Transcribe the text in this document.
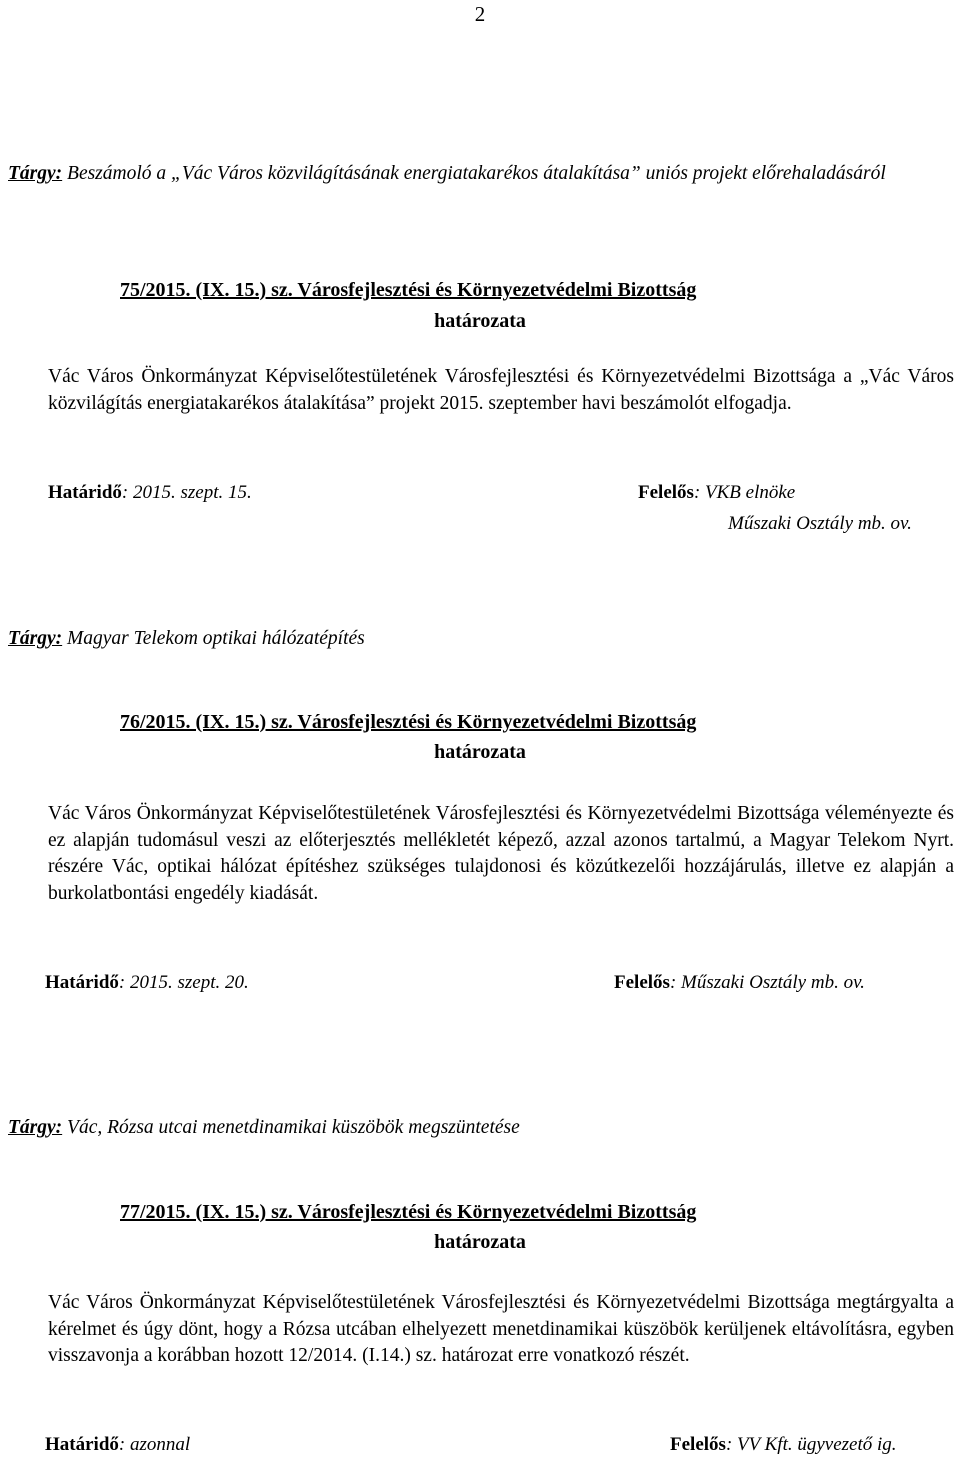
2
Tárgy: Beszámoló a „Vác Város közvilágításának energiatakarékos átalakítása” uniós projekt előrehaladásáról
75/2015. (IX. 15.) sz. Városfejlesztési és Környezetvédelmi Bizottság
határozata
Vác Város Önkormányzat Képviselőtestületének Városfejlesztési és Környezetvédelmi Bizottsága a „Vác Város közvilágítás energiatakarékos átalakítása” projekt 2015. szeptember havi beszámolót elfogadja.
Határidő: 2015. szept. 15.	Felelős: VKB elnöke
Műszaki Osztály mb. ov.
Tárgy: Magyar Telekom optikai hálózatépítés
76/2015. (IX. 15.) sz. Városfejlesztési és Környezetvédelmi Bizottság
határozata
Vác Város Önkormányzat Képviselőtestületének Városfejlesztési és Környezetvédelmi Bizottsága véleményezte és ez alapján tudomásul veszi az előterjesztés mellékletét képező, azzal azonos tartalmú, a Magyar Telekom Nyrt. részére Vác, optikai hálózat építéshez szükséges tulajdonosi és közútkezelői hozzájárulás, illetve ez alapján a burkolatbontási engedély kiadását.
Határidő: 2015. szept. 20.	Felelős: Műszaki Osztály mb. ov.
Tárgy: Vác, Rózsa utcai menetdinamikai küszöbök megszüntetése
77/2015. (IX. 15.) sz. Városfejlesztési és Környezetvédelmi Bizottság
határozata
Vác Város Önkormányzat Képviselőtestületének Városfejlesztési és Környezetvédelmi Bizottsága megtárgyalta a kérelmet és úgy dönt, hogy a Rózsa utcában elhelyezett menetdinamikai küszöbök kerüljenek eltávolításra, egyben visszavonja a korábban hozott 12/2014. (I.14.) sz. határozat erre vonatkozó részét.
Határidő: azonnal	Felelős: VV Kft. ügyvezető ig.
